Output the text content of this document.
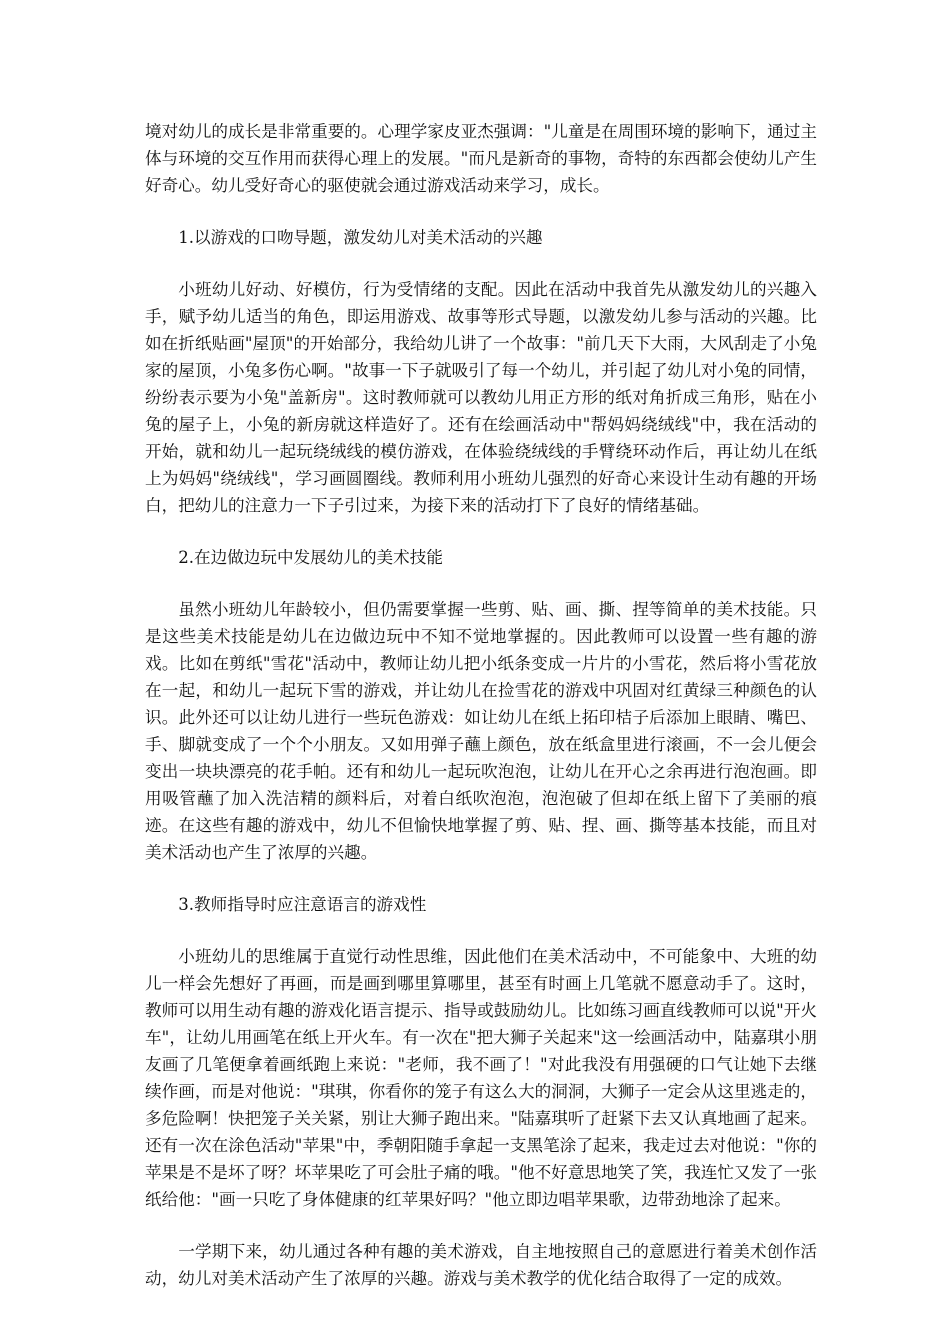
境对幼儿的成长是非常重要的。心理学家皮亚杰强调："儿童是在周围环境的影响下，通过主体与环境的交互作用而获得心理上的发展。"而凡是新奇的事物，奇特的东西都会使幼儿产生好奇心。幼儿受好奇心的驱使就会通过游戏活动来学习，成长。

1.以游戏的口吻导题，激发幼儿对美术活动的兴趣

小班幼儿好动、好模仿，行为受情绪的支配。因此在活动中我首先从激发幼儿的兴趣入手，赋予幼儿适当的角色，即运用游戏、故事等形式导题，以激发幼儿参与活动的兴趣。比如在折纸贴画"屋顶"的开始部分，我给幼儿讲了一个故事："前几天下大雨，大风刮走了小兔家的屋顶，小兔多伤心啊。"故事一下子就吸引了每一个幼儿，并引起了幼儿对小兔的同情，纷纷表示要为小兔"盖新房"。这时教师就可以教幼儿用正方形的纸对角折成三角形，贴在小兔的屋子上，小兔的新房就这样造好了。还有在绘画活动中"帮妈妈绕绒线"中，我在活动的开始，就和幼儿一起玩绕绒线的模仿游戏，在体验绕绒线的手臂绕环动作后，再让幼儿在纸上为妈妈"绕绒线"，学习画圆圈线。教师利用小班幼儿强烈的好奇心来设计生动有趣的开场白，把幼儿的注意力一下子引过来，为接下来的活动打下了良好的情绪基础。

2.在边做边玩中发展幼儿的美术技能

虽然小班幼儿年龄较小，但仍需要掌握一些剪、贴、画、撕、捏等简单的美术技能。只是这些美术技能是幼儿在边做边玩中不知不觉地掌握的。因此教师可以设置一些有趣的游戏。比如在剪纸"雪花"活动中，教师让幼儿把小纸条变成一片片的小雪花，然后将小雪花放在一起，和幼儿一起玩下雪的游戏，并让幼儿在捡雪花的游戏中巩固对红黄绿三种颜色的认识。此外还可以让幼儿进行一些玩色游戏：如让幼儿在纸上拓印桔子后添加上眼睛、嘴巴、手、脚就变成了一个个小朋友。又如用弹子蘸上颜色，放在纸盒里进行滚画，不一会儿便会变出一块块漂亮的花手帕。还有和幼儿一起玩吹泡泡，让幼儿在开心之余再进行泡泡画。即用吸管蘸了加入洗洁精的颜料后，对着白纸吹泡泡，泡泡破了但却在纸上留下了美丽的痕迹。在这些有趣的游戏中，幼儿不但愉快地掌握了剪、贴、捏、画、撕等基本技能，而且对美术活动也产生了浓厚的兴趣。

3.教师指导时应注意语言的游戏性

小班幼儿的思维属于直觉行动性思维，因此他们在美术活动中，不可能象中、大班的幼儿一样会先想好了再画，而是画到哪里算哪里，甚至有时画上几笔就不愿意动手了。这时，教师可以用生动有趣的游戏化语言提示、指导或鼓励幼儿。比如练习画直线教师可以说"开火车"，让幼儿用画笔在纸上开火车。有一次在"把大狮子关起来"这一绘画活动中，陆嘉琪小朋友画了几笔便拿着画纸跑上来说："老师，我不画了！"对此我没有用强硬的口气让她下去继续作画，而是对他说："琪琪，你看你的笼子有这么大的洞洞，大狮子一定会从这里逃走的，多危险啊！快把笼子关关紧，别让大狮子跑出来。"陆嘉琪听了赶紧下去又认真地画了起来。还有一次在涂色活动"苹果"中，季朝阳随手拿起一支黑笔涂了起来，我走过去对他说："你的苹果是不是坏了呀？坏苹果吃了可会肚子痛的哦。"他不好意思地笑了笑，我连忙又发了一张纸给他："画一只吃了身体健康的红苹果好吗？"他立即边唱苹果歌，边带劲地涂了起来。

一学期下来，幼儿通过各种有趣的美术游戏，自主地按照自己的意愿进行着美术创作活动，幼儿对美术活动产生了浓厚的兴趣。游戏与美术教学的优化结合取得了一定的成效。
